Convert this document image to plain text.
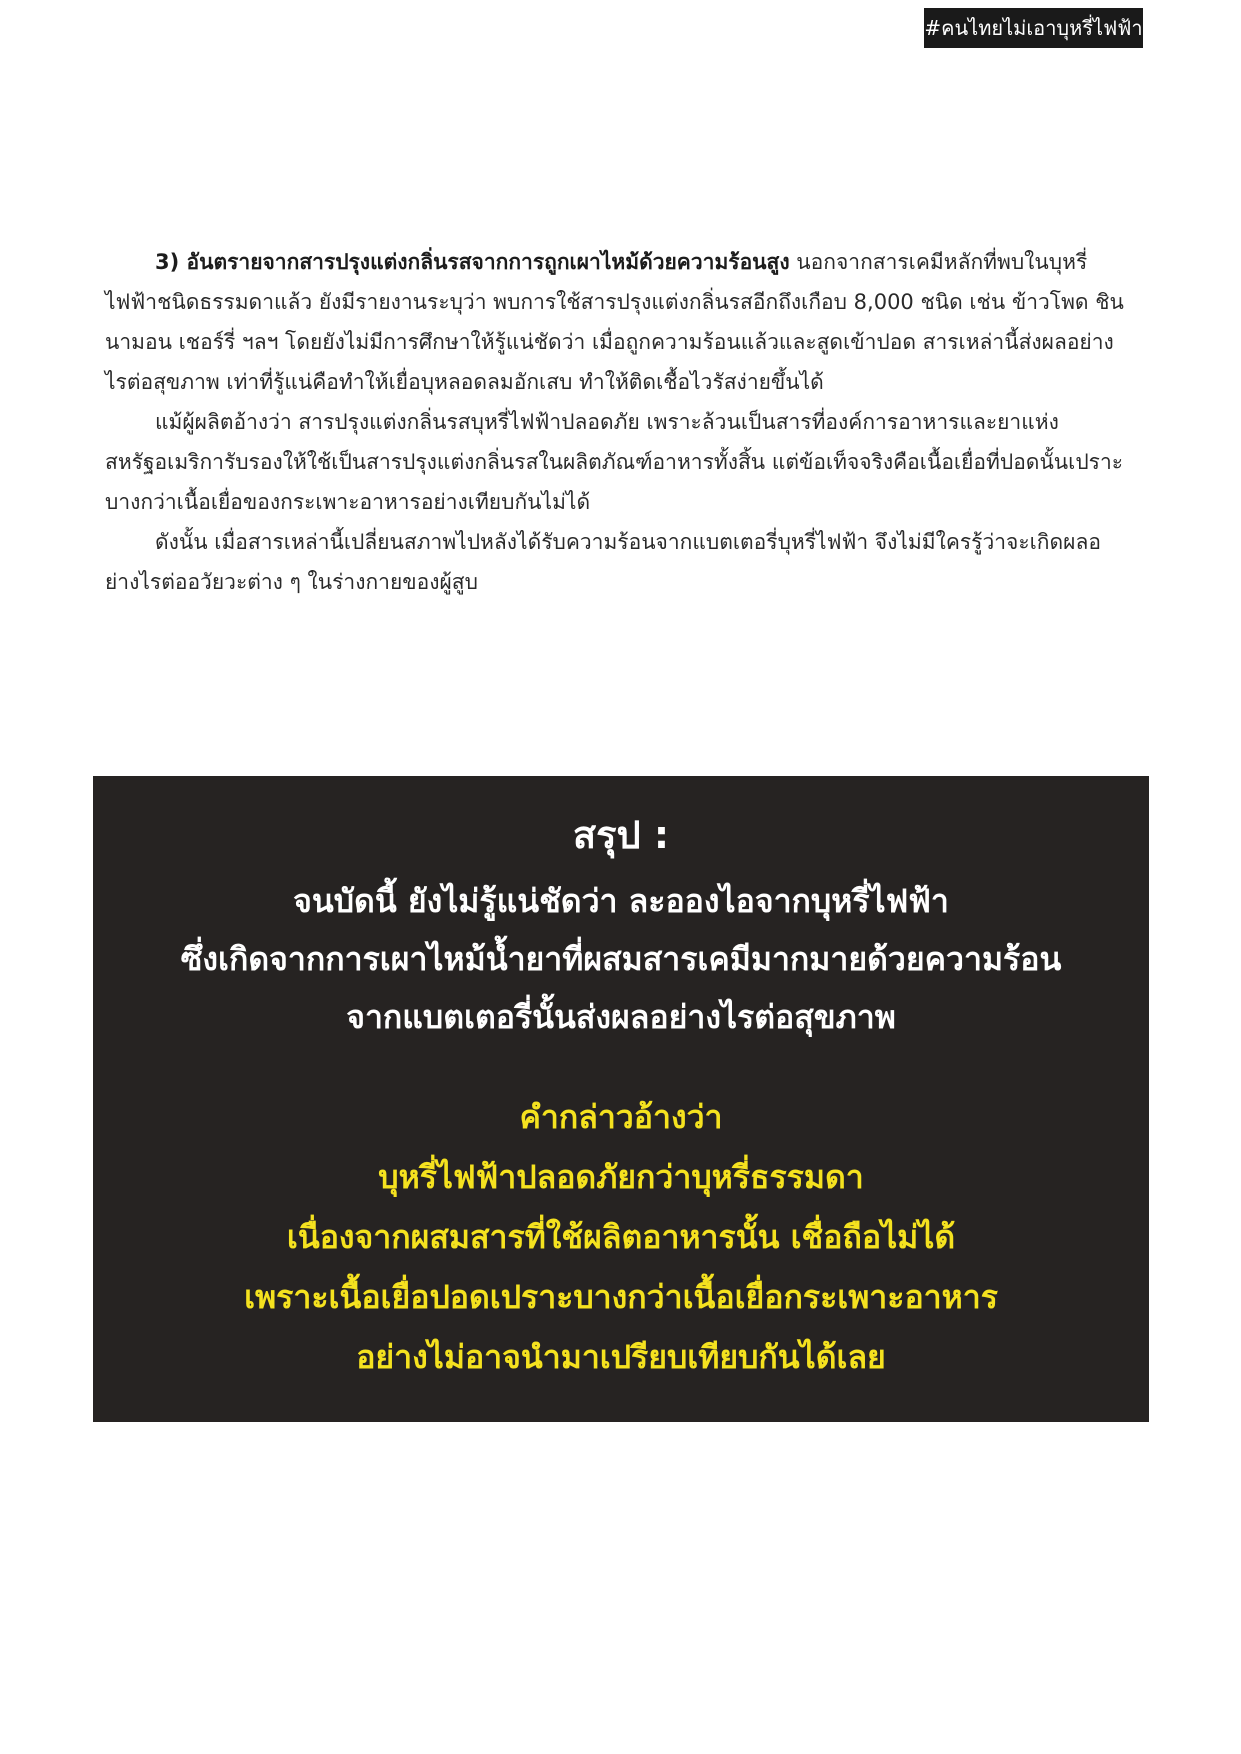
#คนไทยไม่เอาบุหรี่ไฟฟ้า

3) อันตรายจากสารปรุงแต่งกลิ่นรสจากการถูกเผาไหม้ด้วยความร้อนสูง นอกจากสารเคมีหลักที่พบในบุหรี่ไฟฟ้าชนิดธรรมดาแล้ว ยังมีรายงานระบุว่า พบการใช้สารปรุงแต่งกลิ่นรสอีกถึงเกือบ 8,000 ชนิด เช่น ข้าวโพด ชินนามอน เชอร์รี่ ฯลฯ โดยยังไม่มีการศึกษาให้รู้แน่ชัดว่า เมื่อถูกความร้อนแล้วและสูดเข้าปอด สารเหล่านี้ส่งผลอย่างไรต่อสุขภาพ เท่าที่รู้แน่คือทำให้เยื่อบุหลอดลมอักเสบ ทำให้ติดเชื้อไวรัสง่ายขึ้นได้

แม้ผู้ผลิตอ้างว่า สารปรุงแต่งกลิ่นรสบุหรี่ไฟฟ้าปลอดภัย เพราะล้วนเป็นสารที่องค์การอาหารและยาแห่งสหรัฐอเมริการับรองให้ใช้เป็นสารปรุงแต่งกลิ่นรสในผลิตภัณฑ์อาหารทั้งสิ้น แต่ข้อเท็จจริงคือเนื้อเยื่อที่ปอดนั้นเปราะบางกว่าเนื้อเยื่อของกระเพาะอาหารอย่างเทียบกันไม่ได้

ดังนั้น เมื่อสารเหล่านี้เปลี่ยนสภาพไปหลังได้รับความร้อนจากแบตเตอรี่บุหรี่ไฟฟ้า จึงไม่มีใครรู้ว่าจะเกิดผลอย่างไรต่ออวัยวะต่าง ๆ ในร่างกายของผู้สูบ

สรุป :
จนบัดนี้ ยังไม่รู้แน่ชัดว่า ละอองไอจากบุหรี่ไฟฟ้า
ซึ่งเกิดจากการเผาไหม้น้ำยาที่ผสมสารเคมีมากมายด้วยความร้อน
จากแบตเตอรี่นั้นส่งผลอย่างไรต่อสุขภาพ
คำกล่าวอ้างว่า
บุหรี่ไฟฟ้าปลอดภัยกว่าบุหรี่ธรรมดา
เนื่องจากผสมสารที่ใช้ผลิตอาหารนั้น เชื่อถือไม่ได้
เพราะเนื้อเยื่อปอดเปราะบางกว่าเนื้อเยื่อกระเพาะอาหาร
อย่างไม่อาจนำมาเปรียบเทียบกันได้เลย
